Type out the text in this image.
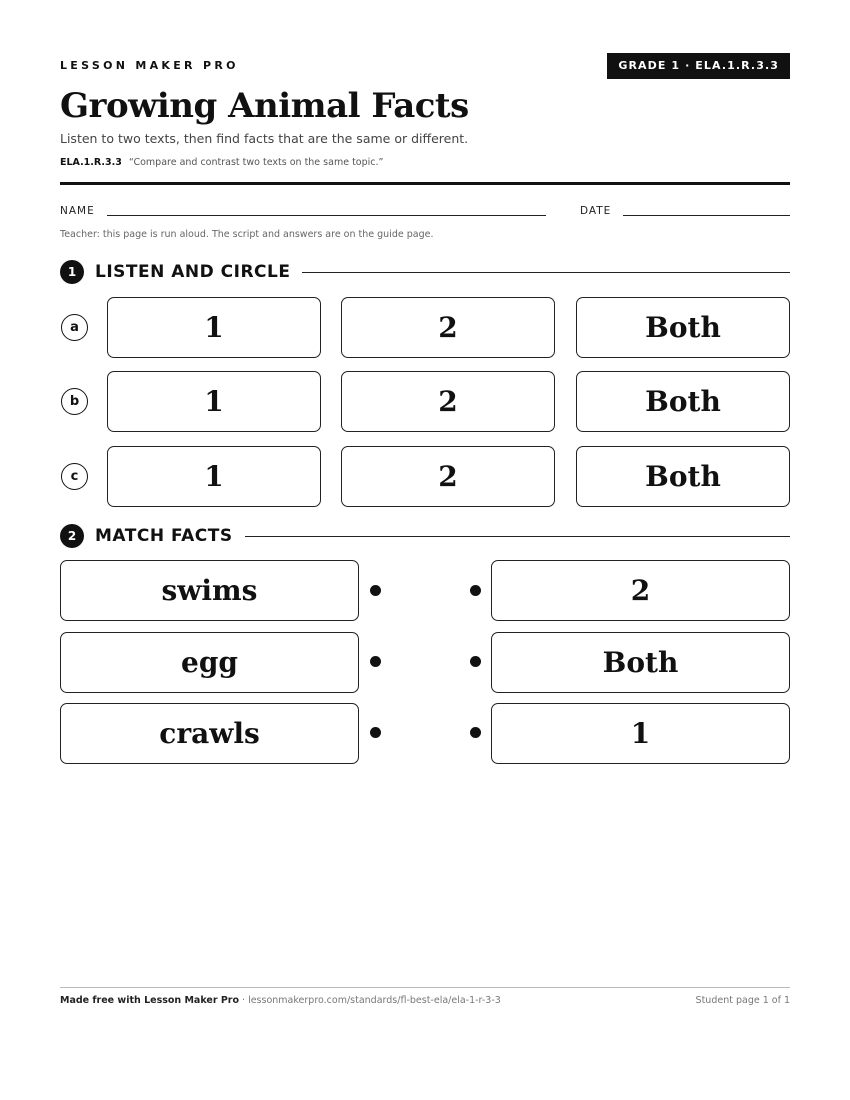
LESSON MAKER PRO	GRADE 1 · ELA.1.R.3.3
Growing Animal Facts
Listen to two texts, then find facts that are the same or different.
ELA.1.R.3.3 “Compare and contrast two texts on the same topic.”
NAME	DATE
Teacher: this page is run aloud. The script and answers are on the guide page.
1	LISTEN AND CIRCLE
a	1	2	Both
b	1	2	Both
c	1	2	Both
2	MATCH FACTS
swims	2
egg	Both
crawls	1
Made free with Lesson Maker Pro · lessonmakerpro.com/standards/fl-best-ela/ela-1-r-3-3	Student page 1 of 1
